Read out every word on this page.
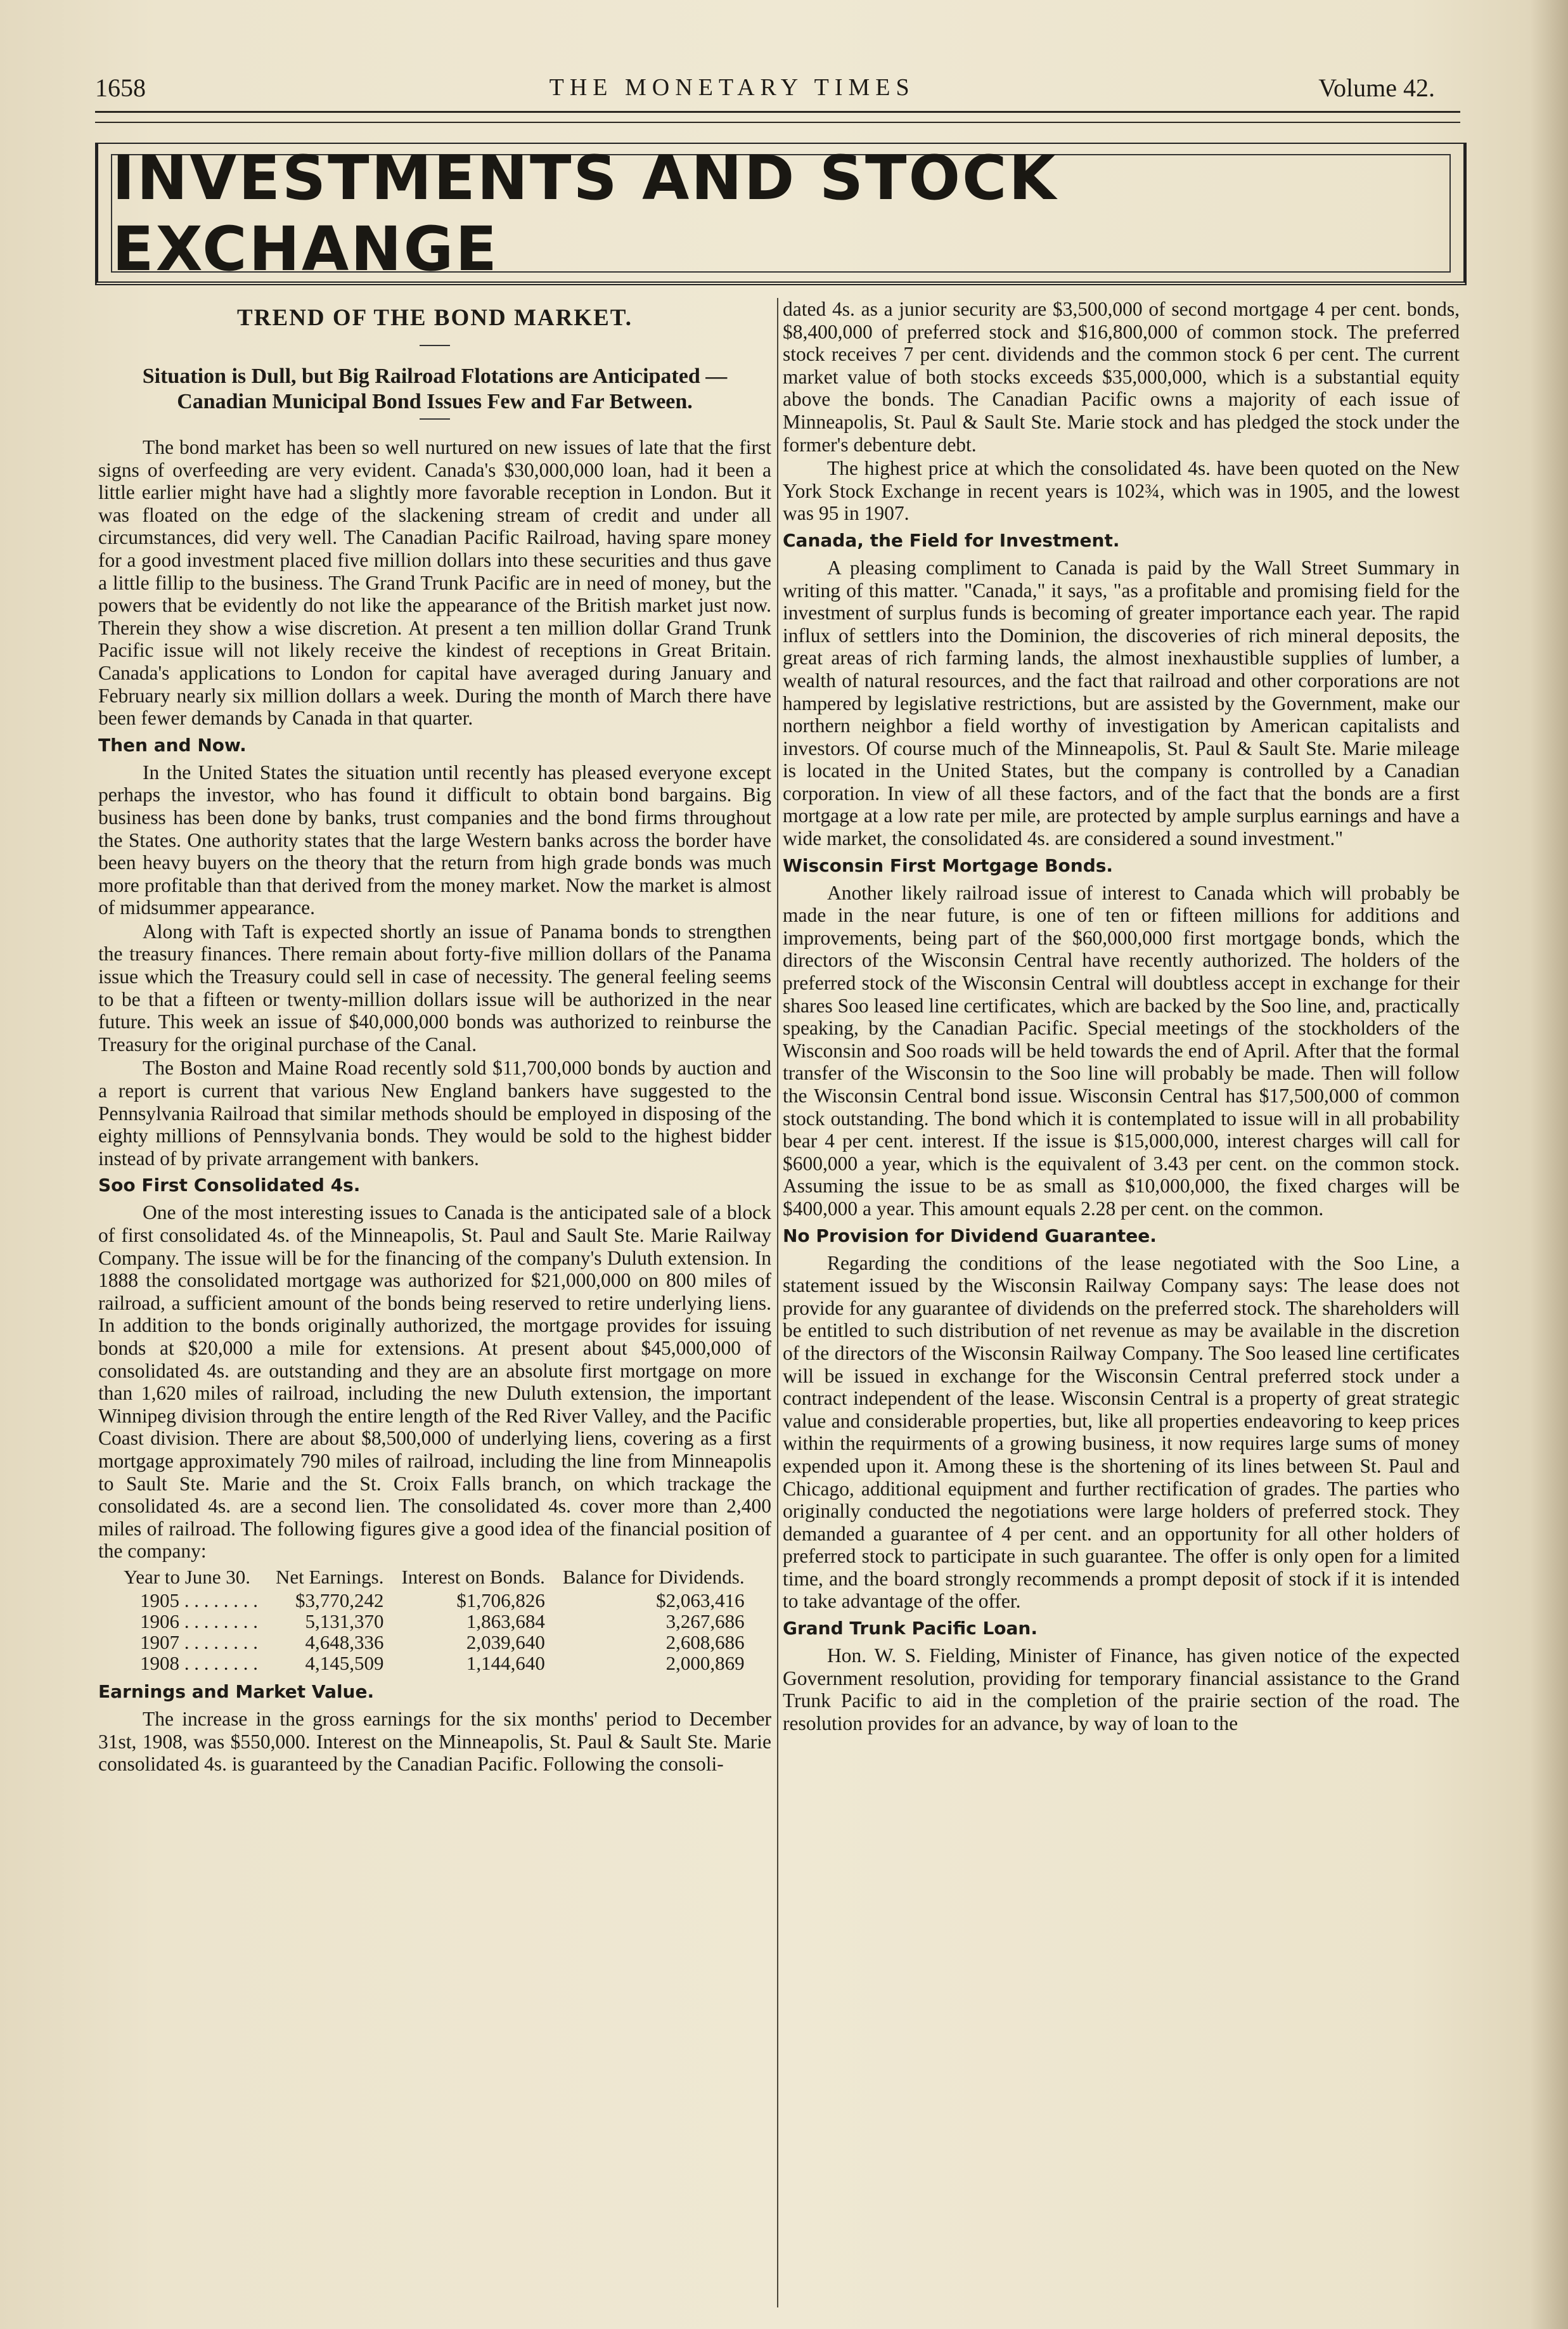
1658	THE MONETARY TIMES	Volume 42.
INVESTMENTS AND STOCK EXCHANGE
TREND OF THE BOND MARKET.
Situation is Dull, but Big Railroad Flotations are Anticipated —Canadian Municipal Bond Issues Few and Far Between.

The bond market has been so well nurtured on new issues of late that the first signs of overfeeding are very evident. Canada's $30,000,000 loan, had it been a little earlier might have had a slightly more favorable reception in London. But it was floated on the edge of the slackening stream of credit and under all circumstances, did very well. The Canadian Pacific Railroad, having spare money for a good investment placed five million dollars into these securities and thus gave a little fillip to the business. The Grand Trunk Pacific are in need of money, but the powers that be evidently do not like the appearance of the British market just now. Therein they show a wise discretion. At present a ten million dollar Grand Trunk Pacific issue will not likely receive the kindest of receptions in Great Britain. Canada's applications to London for capital have averaged during January and February nearly six million dollars a week. During the month of March there have been fewer demands by Canada in that quarter.

Then and Now.

In the United States the situation until recently has pleased everyone except perhaps the investor, who has found it difficult to obtain bond bargains. Big business has been done by banks, trust companies and the bond firms throughout the States. One authority states that the large Western banks across the border have been heavy buyers on the theory that the return from high grade bonds was much more profitable than that derived from the money market. Now the market is almost of midsummer appearance.

Along with Taft is expected shortly an issue of Panama bonds to strengthen the treasury finances. There remain about forty-five million dollars of the Panama issue which the Treasury could sell in case of necessity. The general feeling seems to be that a fifteen or twenty-million dollars issue will be authorized in the near future. This week an issue of $40,000,000 bonds was authorized to reinburse the Treasury for the original purchase of the Canal.

The Boston and Maine Road recently sold $11,700,000 bonds by auction and a report is current that various New England bankers have suggested to the Pennsylvania Railroad that similar methods should be employed in disposing of the eighty millions of Pennsylvania bonds. They would be sold to the highest bidder instead of by private arrangement with bankers.

Soo First Consolidated 4s.

One of the most interesting issues to Canada is the anticipated sale of a block of first consolidated 4s. of the Minneapolis, St. Paul and Sault Ste. Marie Railway Company. The issue will be for the financing of the company's Duluth extension. In 1888 the consolidated mortgage was authorized for $21,000,000 on 800 miles of railroad, a sufficient amount of the bonds being reserved to retire underlying liens. In addition to the bonds originally authorized, the mortgage provides for issuing bonds at $20,000 a mile for extensions. At present about $45,000,000 of consolidated 4s. are outstanding and they are an absolute first mortgage on more than 1,620 miles of railroad, including the new Duluth extension, the important Winnipeg division through the entire length of the Red River Valley, and the Pacific Coast division. There are about $8,500,000 of underlying liens, covering as a first mortgage approximately 790 miles of railroad, including the line from Minneapolis to Sault Ste. Marie and the St. Croix Falls branch, on which trackage the consolidated 4s. are a second lien. The consolidated 4s. cover more than 2,400 miles of railroad. The following figures give a good idea of the financial position of the company:

Year to June 30.	Net Earnings.	Interest on Bonds.	Balance for Dividends.
1905 . . . . . . . .	$3,770,242	$1,706,826	$2,063,416
1906 . . . . . . . .	5,131,370	1,863,684	3,267,686
1907 . . . . . . . .	4,648,336	2,039,640	2,608,686
1908 . . . . . . . .	4,145,509	1,144,640	2,000,869
Earnings and Market Value.

The increase in the gross earnings for the six months' period to December 31st, 1908, was $550,000. Interest on the Minneapolis, St. Paul & Sault Ste. Marie consolidated 4s. is guaranteed by the Canadian Pacific. Following the consoli-

dated 4s. as a junior security are $3,500,000 of second mortgage 4 per cent. bonds, $8,400,000 of preferred stock and $16,800,000 of common stock. The preferred stock receives 7 per cent. dividends and the common stock 6 per cent. The current market value of both stocks exceeds $35,000,000, which is a substantial equity above the bonds. The Canadian Pacific owns a majority of each issue of Minneapolis, St. Paul & Sault Ste. Marie stock and has pledged the stock under the former's debenture debt.

The highest price at which the consolidated 4s. have been quoted on the New York Stock Exchange in recent years is 102¾, which was in 1905, and the lowest was 95 in 1907.

Canada, the Field for Investment.

A pleasing compliment to Canada is paid by the Wall Street Summary in writing of this matter. "Canada," it says, "as a profitable and promising field for the investment of surplus funds is becoming of greater importance each year. The rapid influx of settlers into the Dominion, the discoveries of rich mineral deposits, the great areas of rich farming lands, the almost inexhaustible supplies of lumber, a wealth of natural resources, and the fact that railroad and other corporations are not hampered by legislative restrictions, but are assisted by the Government, make our northern neighbor a field worthy of investigation by American capitalists and investors. Of course much of the Minneapolis, St. Paul & Sault Ste. Marie mileage is located in the United States, but the company is controlled by a Canadian corporation. In view of all these factors, and of the fact that the bonds are a first mortgage at a low rate per mile, are protected by ample surplus earnings and have a wide market, the consolidated 4s. are considered a sound investment."

Wisconsin First Mortgage Bonds.

Another likely railroad issue of interest to Canada which will probably be made in the near future, is one of ten or fifteen millions for additions and improvements, being part of the $60,000,000 first mortgage bonds, which the directors of the Wisconsin Central have recently authorized. The holders of the preferred stock of the Wisconsin Central will doubtless accept in exchange for their shares Soo leased line certificates, which are backed by the Soo line, and, practically speaking, by the Canadian Pacific. Special meetings of the stockholders of the Wisconsin and Soo roads will be held towards the end of April. After that the formal transfer of the Wisconsin to the Soo line will probably be made. Then will follow the Wisconsin Central bond issue. Wisconsin Central has $17,500,000 of common stock outstanding. The bond which it is contemplated to issue will in all probability bear 4 per cent. interest. If the issue is $15,000,000, interest charges will call for $600,000 a year, which is the equivalent of 3.43 per cent. on the common stock. Assuming the issue to be as small as $10,000,000, the fixed charges will be $400,000 a year. This amount equals 2.28 per cent. on the common.

No Provision for Dividend Guarantee.

Regarding the conditions of the lease negotiated with the Soo Line, a statement issued by the Wisconsin Railway Company says: The lease does not provide for any guarantee of dividends on the preferred stock. The shareholders will be entitled to such distribution of net revenue as may be available in the discretion of the directors of the Wisconsin Railway Company. The Soo leased line certificates will be issued in exchange for the Wisconsin Central preferred stock under a contract independent of the lease. Wisconsin Central is a property of great strategic value and considerable properties, but, like all properties endeavoring to keep prices within the requirments of a growing business, it now requires large sums of money expended upon it. Among these is the shortening of its lines between St. Paul and Chicago, additional equipment and further rectification of grades. The parties who originally conducted the negotiations were large holders of preferred stock. They demanded a guarantee of 4 per cent. and an opportunity for all other holders of preferred stock to participate in such guarantee. The offer is only open for a limited time, and the board strongly recommends a prompt deposit of stock if it is intended to take advantage of the offer.

Grand Trunk Pacific Loan.

Hon. W. S. Fielding, Minister of Finance, has given notice of the expected Government resolution, providing for temporary financial assistance to the Grand Trunk Pacific to aid in the completion of the prairie section of the road. The resolution provides for an advance, by way of loan to the
